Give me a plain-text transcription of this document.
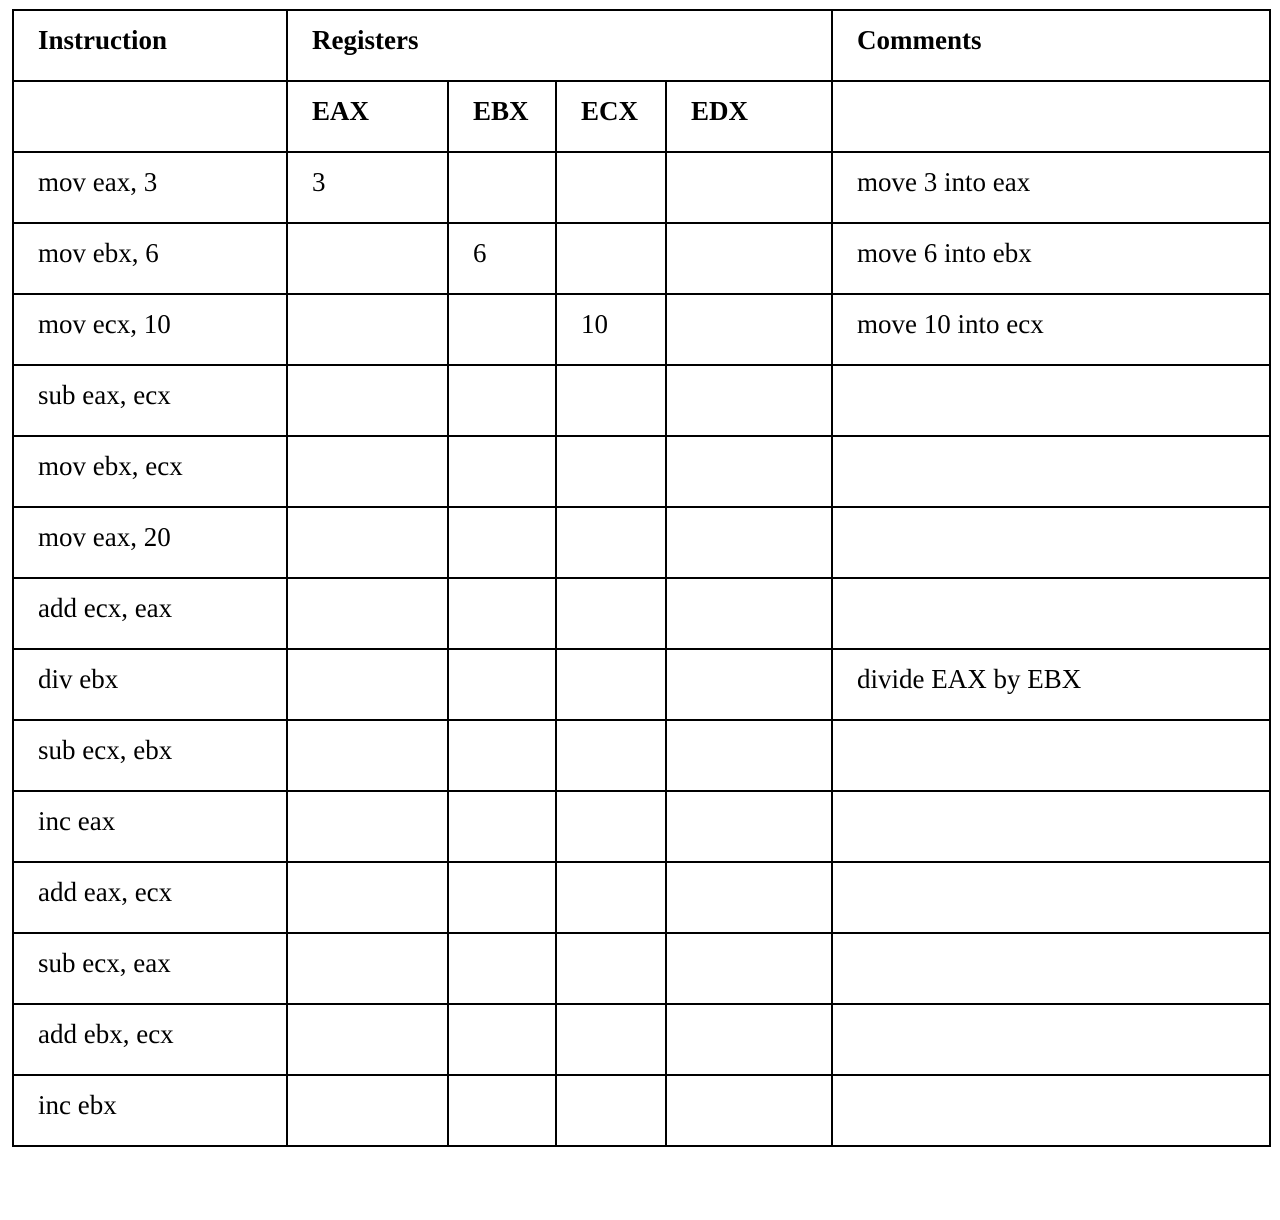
Instruction	Registers				Comments

	EAX	EBX	ECX	EDX	

mov eax, 3	3				move 3 into eax

mov ebx, 6		6			move 6 into ebx

mov ecx, 10			10		move 10 into ecx

sub eax, ecx					

mov ebx, ecx					

mov eax, 20					

add ecx, eax					

div ebx					divide EAX by EBX

sub ecx, ebx					

inc eax					

add eax, ecx					

sub ecx, eax					

add ebx, ecx					

inc ebx					
